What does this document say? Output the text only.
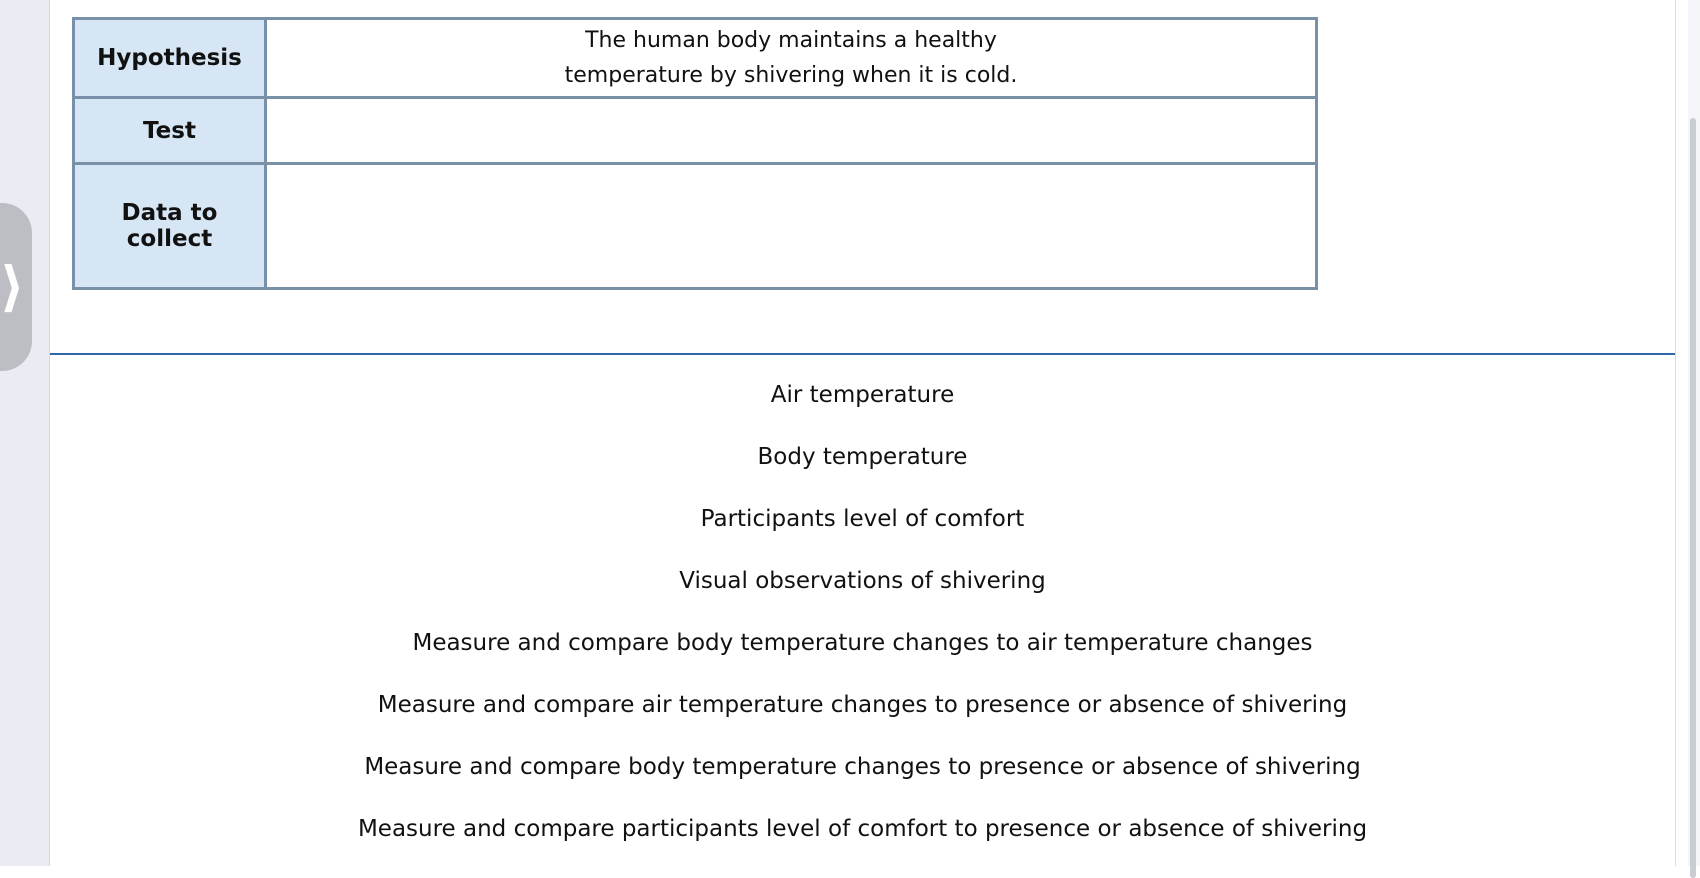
⟩
Hypothesis	The human body maintains a healthy
temperature by shivering when it is cold.

Test	
Data to collect	
Air temperature
Body temperature
Participants level of comfort
Visual observations of shivering
Measure and compare body temperature changes to air temperature changes
Measure and compare air temperature changes to presence or absence of shivering
Measure and compare body temperature changes to presence or absence of shivering
Measure and compare participants level of comfort to presence or absence of shivering
